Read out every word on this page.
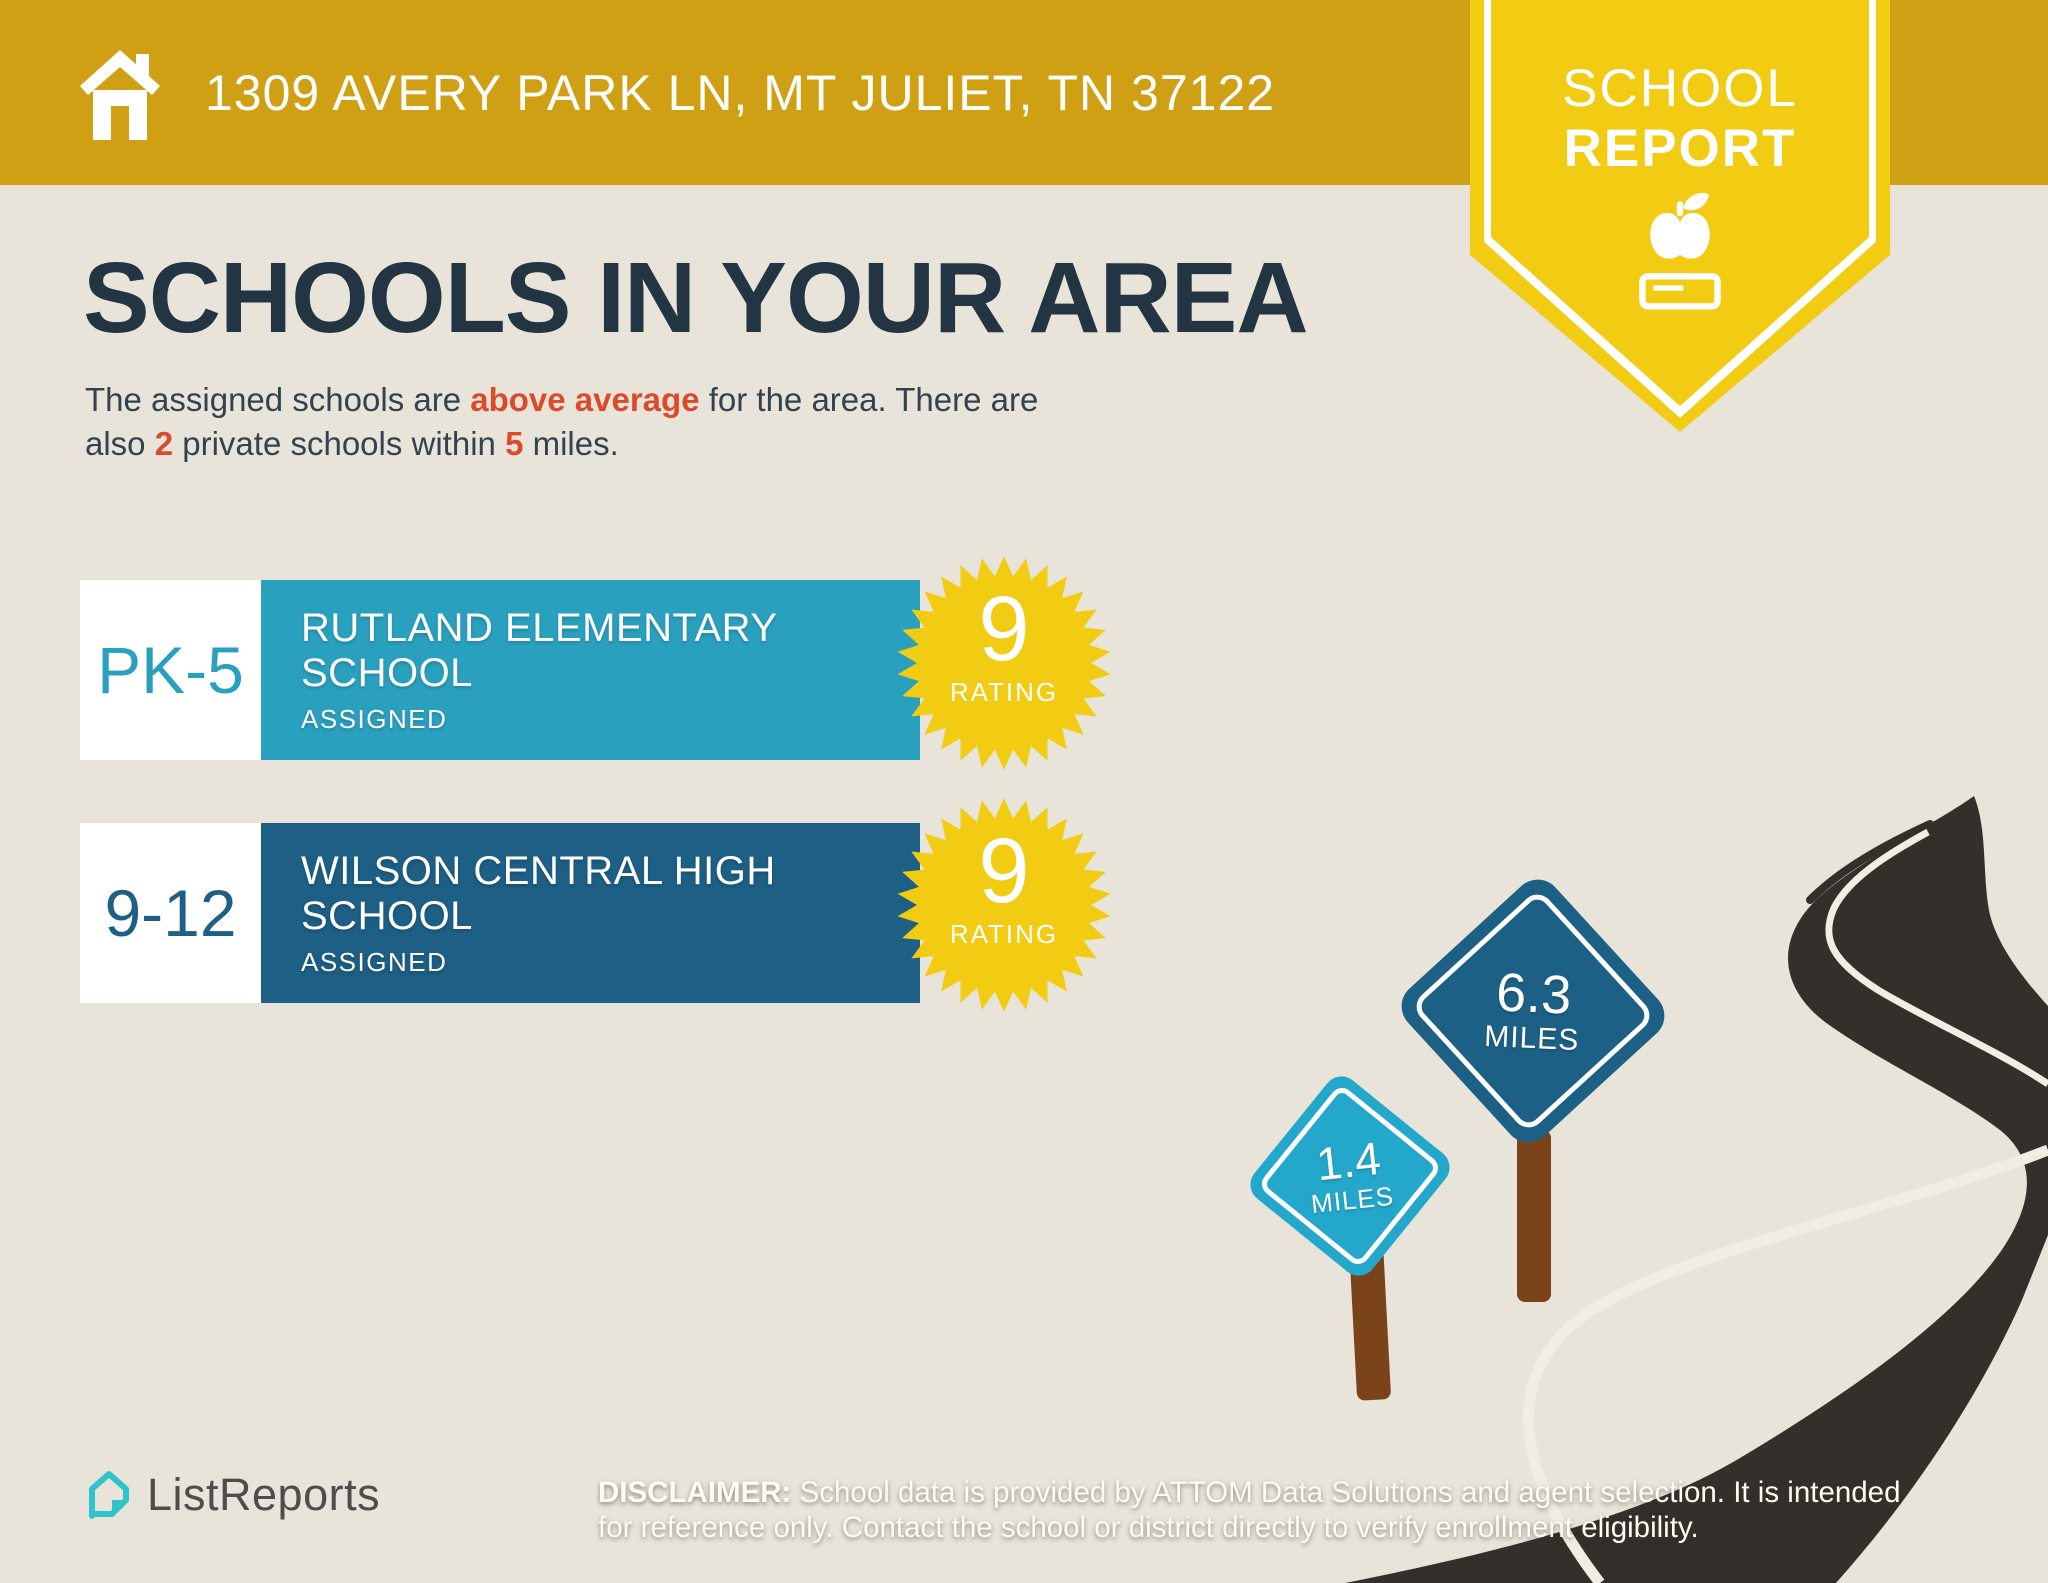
1309 AVERY PARK LN, MT JULIET, TN 37122	SCHOOL
REPORT
SCHOOLS IN YOUR AREA
The assigned schools are above average for the area. There are
also 2 private schools within 5 miles.
PK-5
RUTLAND ELEMENTARY SCHOOL
ASSIGNED
9
RATING
9-12
WILSON CENTRAL HIGH SCHOOL
ASSIGNED
9
RATING
1.4
MILES
6.3
MILES
ListReports	DISCLAIMER: School data is provided by ATTOM Data Solutions and agent selection. It is intended
for reference only. Contact the school or district directly to verify enrollment eligibility.
